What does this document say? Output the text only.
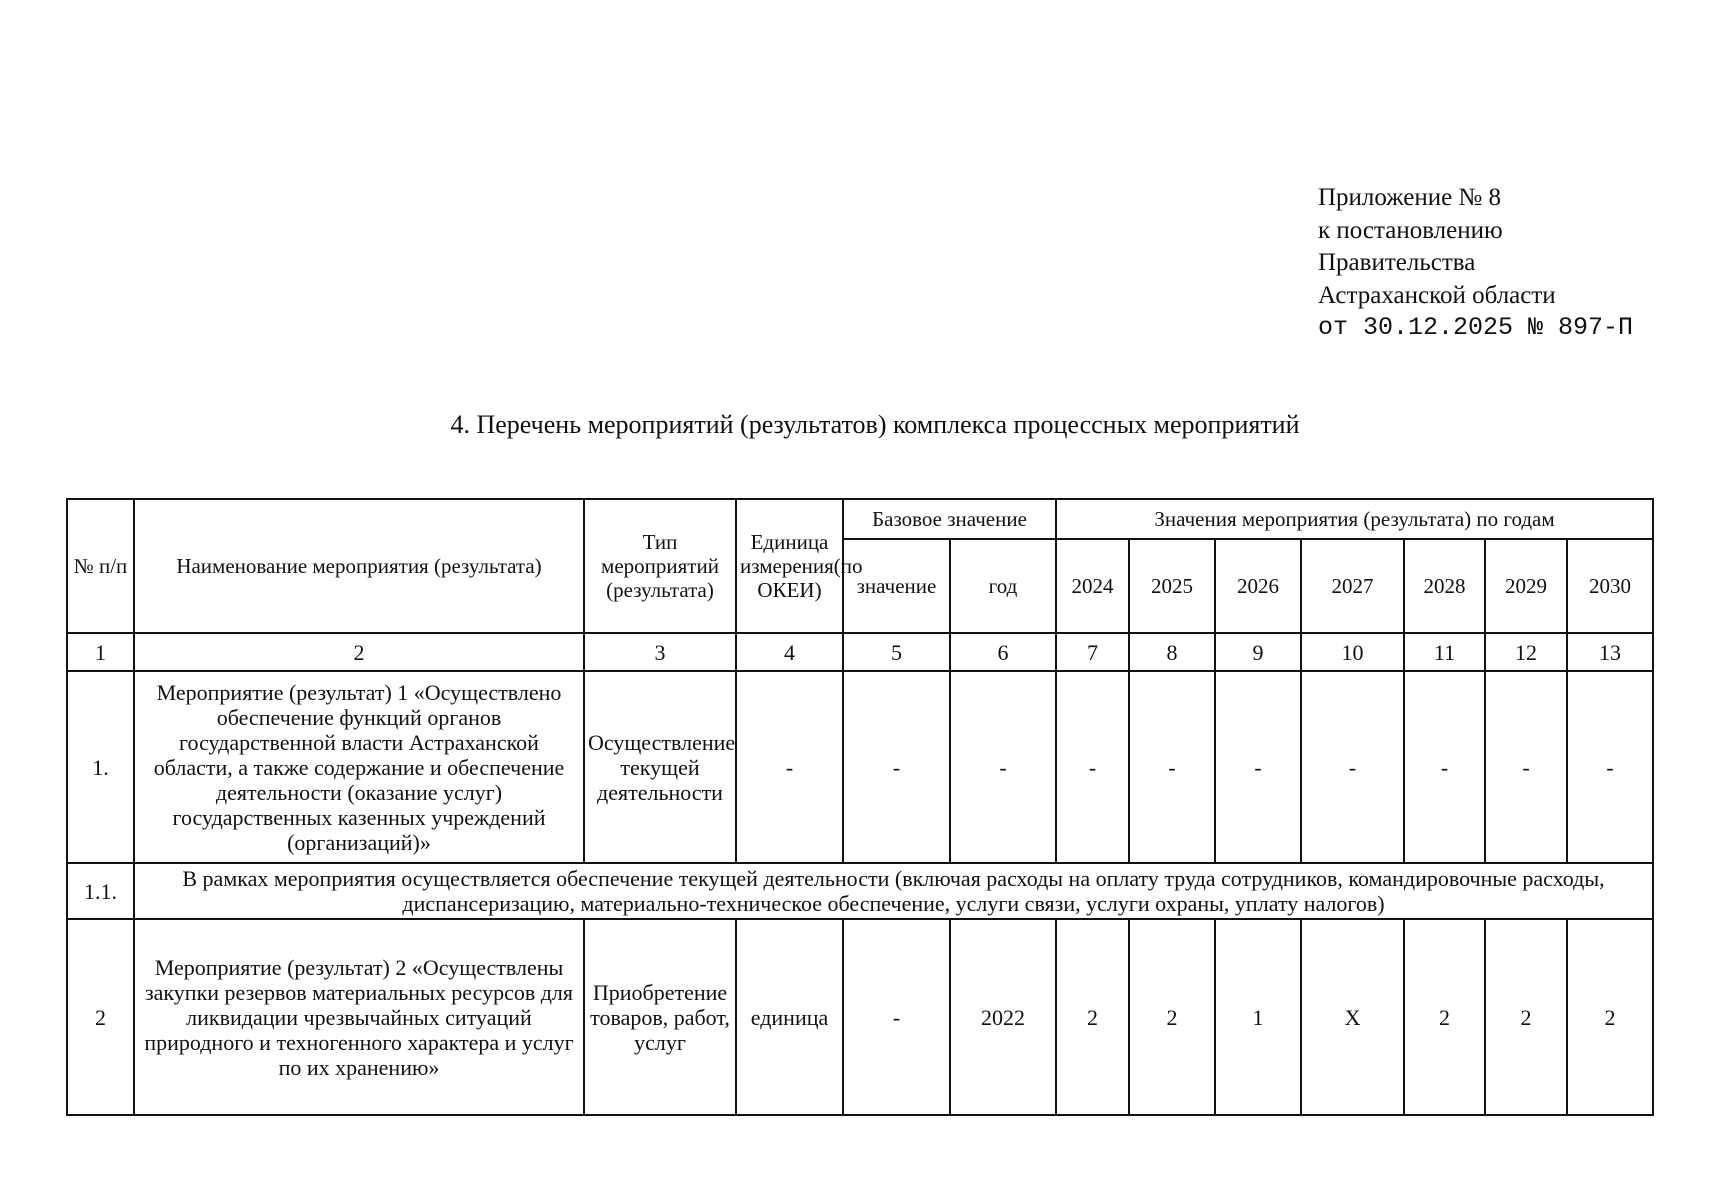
Приложение № 8
к постановлению
Правительства
Астраханской области
от 30.12.2025 № 897-П
4. Перечень мероприятий (результатов) комплекса процессных мероприятий
№ п/п	Наименование мероприятия (результата)	Тип мероприятий (результата)	Единица измерения(по ОКЕИ)	Базовое значение		Значения мероприятия (результата) по годам						
				значение	год	2024	2025	2026	2027	2028	2029	2030
1	2	3	4	5	6	7	8	9	10	11	12	13
1.	Мероприятие (результат) 1 «Осуществлено обеспечение функций органов государственной власти Астраханской области, а также содержание и обеспечение деятельности (оказание услуг) государственных казенных учреждений (организаций)»	Осуществление текущей деятельности	-	-	-	-	-	-	-	-	-	-
1.1.	В рамках мероприятия осуществляется обеспечение текущей деятельности (включая расходы на оплату труда сотрудников, командировочные расходы, диспансеризацию, материально-техническое обеспечение, услуги связи, услуги охраны, уплату налогов)											
2	Мероприятие (результат) 2 «Осуществлены закупки резервов материальных ресурсов для ликвидации чрезвычайных ситуаций природного и техногенного характера и услуг по их хранению»	Приобретение товаров, работ, услуг	единица	-	2022	2	2	1	X	2	2	2
